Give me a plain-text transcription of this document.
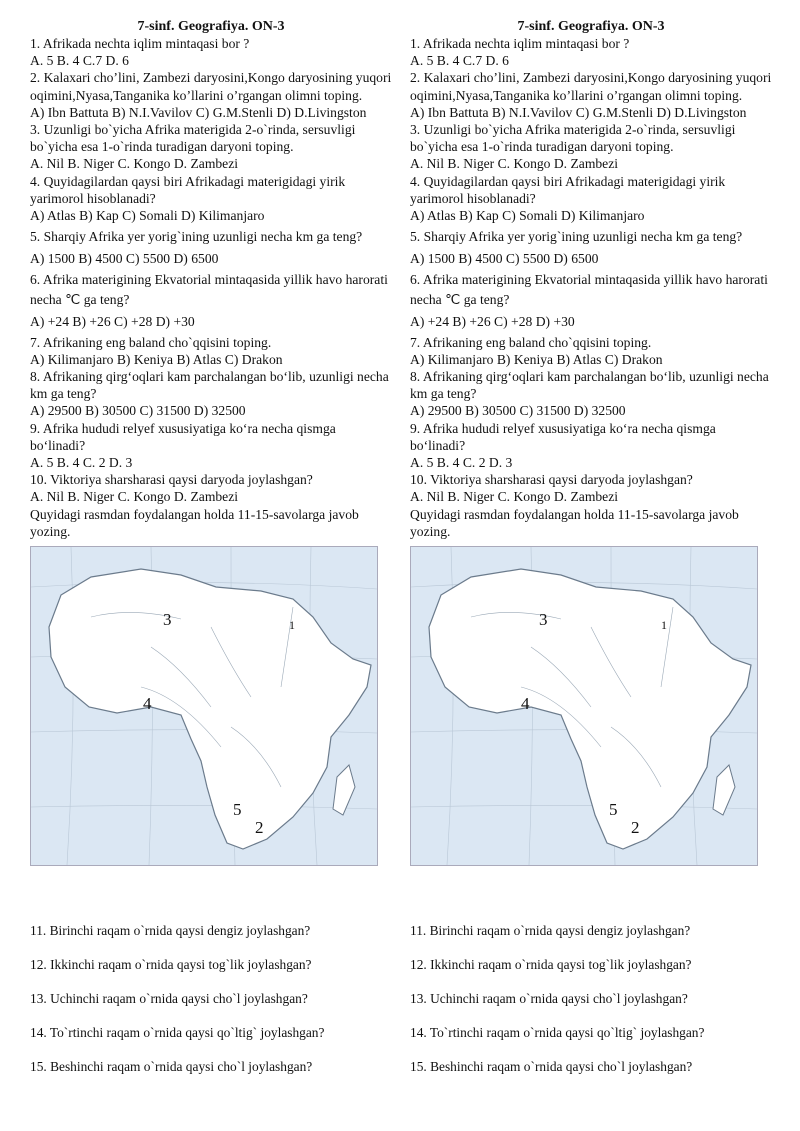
7-sinf. Geografiya. ON-3

1. Afrikada nechta iqlim mintaqasi bor ?

A. 5 B. 4 C.7 D. 6

2. Kalaxari cho’lini, Zambezi daryosini,Kongo daryosining yuqori oqimini,Nyasa,Tanganika ko’llarini o’rgangan olimni toping.

A) Ibn Battuta B) N.I.Vavilov C) G.M.Stenli D) D.Livingston

3. Uzunligi bo`yicha Afrika materigida 2-o`rinda, sersuvligi bo`yicha esa 1-o`rinda turadigan daryoni toping.

A. Nil B. Niger C. Kongo D. Zambezi

4. Quyidagilardan qaysi biri Afrikadagi materigidagi yirik yarimorol hisoblanadi?

A) Atlas B) Kap C) Somali D) Kilimanjaro

5. Sharqiy Afrika yer yorig`ining uzunligi necha km ga teng?

A) 1500 B) 4500 C) 5500 D) 6500

6. Afrika materigining Ekvatorial mintaqasida yillik havo harorati necha ℃ ga teng?

A) +24 B) +26 C) +28 D) +30

7. Afrikaning eng baland cho`qqisini toping.

A) Kilimanjaro B) Keniya B) Atlas C) Drakon

8. Afrikaning qirg‘oqlari kam parchalangan bo‘lib, uzunligi necha km ga teng?

A) 29500 B) 30500 C) 31500 D) 32500

9. Afrika hududi relyef xususiyatiga ko‘ra necha qismga bo‘linadi?

A. 5 B. 4 C. 2 D. 3

10. Viktoriya sharsharasi qaysi daryoda joylashgan?

A. Nil B. Niger C. Kongo D. Zambezi

Quyidagi rasmdan foydalangan holda 11-15-savolarga javob yozing.

3	1
4
5
2
7-sinf. Geografiya. ON-3

1. Afrikada nechta iqlim mintaqasi bor ?

A. 5 B. 4 C.7 D. 6

2. Kalaxari cho’lini, Zambezi daryosini,Kongo daryosining yuqori oqimini,Nyasa,Tanganika ko’llarini o’rgangan olimni toping.

A) Ibn Battuta B) N.I.Vavilov C) G.M.Stenli D) D.Livingston

3. Uzunligi bo`yicha Afrika materigida 2-o`rinda, sersuvligi bo`yicha esa 1-o`rinda turadigan daryoni toping.

A. Nil B. Niger C. Kongo D. Zambezi

4. Quyidagilardan qaysi biri Afrikadagi materigidagi yirik yarimorol hisoblanadi?

A) Atlas B) Kap C) Somali D) Kilimanjaro

5. Sharqiy Afrika yer yorig`ining uzunligi necha km ga teng?

A) 1500 B) 4500 C) 5500 D) 6500

6. Afrika materigining Ekvatorial mintaqasida yillik havo harorati necha ℃ ga teng?

A) +24 B) +26 C) +28 D) +30

7. Afrikaning eng baland cho`qqisini toping.

A) Kilimanjaro B) Keniya B) Atlas C) Drakon

8. Afrikaning qirg‘oqlari kam parchalangan bo‘lib, uzunligi necha km ga teng?

A) 29500 B) 30500 C) 31500 D) 32500

9. Afrika hududi relyef xususiyatiga ko‘ra necha qismga bo‘linadi?

A. 5 B. 4 C. 2 D. 3

10. Viktoriya sharsharasi qaysi daryoda joylashgan?

A. Nil B. Niger C. Kongo D. Zambezi

Quyidagi rasmdan foydalangan holda 11-15-savolarga javob yozing.

3	1
4
5
2
11. Birinchi raqam o`rnida qaysi dengiz joylashgan?
12. Ikkinchi raqam o`rnida qaysi tog`lik joylashgan?
13. Uchinchi raqam o`rnida qaysi cho`l joylashgan?
14. To`rtinchi raqam o`rnida qaysi qo`ltig` joylashgan?
15. Beshinchi raqam o`rnida qaysi cho`l joylashgan?
11. Birinchi raqam o`rnida qaysi dengiz joylashgan?
12. Ikkinchi raqam o`rnida qaysi tog`lik joylashgan?
13. Uchinchi raqam o`rnida qaysi cho`l joylashgan?
14. To`rtinchi raqam o`rnida qaysi qo`ltig` joylashgan?
15. Beshinchi raqam o`rnida qaysi cho`l joylashgan?
